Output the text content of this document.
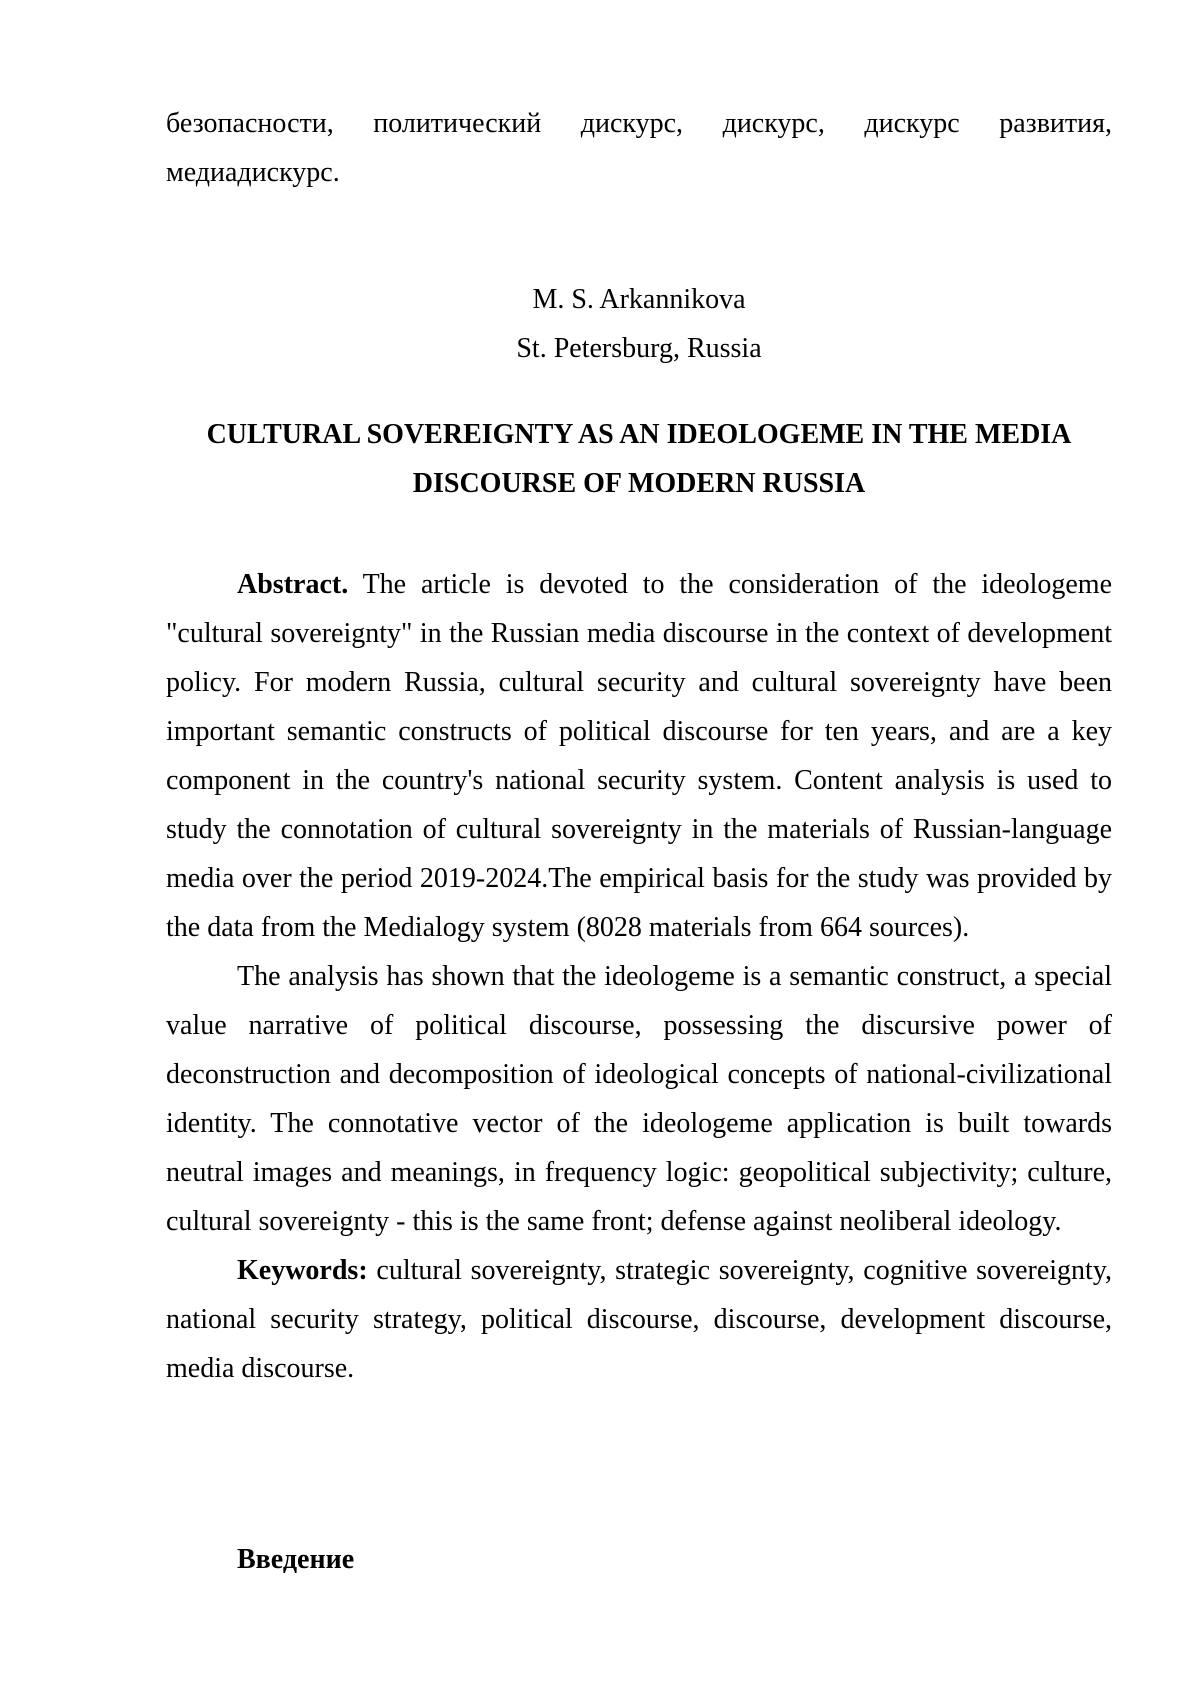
безопасности, политический дискурс, дискурс, дискурс развития,

медиадискурс.

M. S. Arkannikova

St. Petersburg, Russia

CULTURAL SOVEREIGNTY AS AN IDEOLOGEME IN THE MEDIA
DISCOURSE OF MODERN RUSSIA

Abstract. The article is devoted to the consideration of the ideologeme "cultural sovereignty" in the Russian media discourse in the context of development policy. For modern Russia, cultural security and cultural sovereignty have been important semantic constructs of political discourse for ten years, and are a key component in the country's national security system. Content analysis is used to study the connotation of cultural sovereignty in the materials of Russian-language media over the period 2019-2024.The empirical basis for the study was provided by the data from the Medialogy system (8028 materials from 664 sources).

The analysis has shown that the ideologeme is a semantic construct, a special value narrative of political discourse, possessing the discursive power of deconstruction and decomposition of ideological concepts of national-civilizational identity. The connotative vector of the ideologeme application is built towards neutral images and meanings, in frequency logic: geopolitical subjectivity; culture, cultural sovereignty - this is the same front; defense against neoliberal ideology.

Keywords: cultural sovereignty, strategic sovereignty, cognitive sovereignty, national security strategy, political discourse, discourse, development discourse, media discourse.

Введение
